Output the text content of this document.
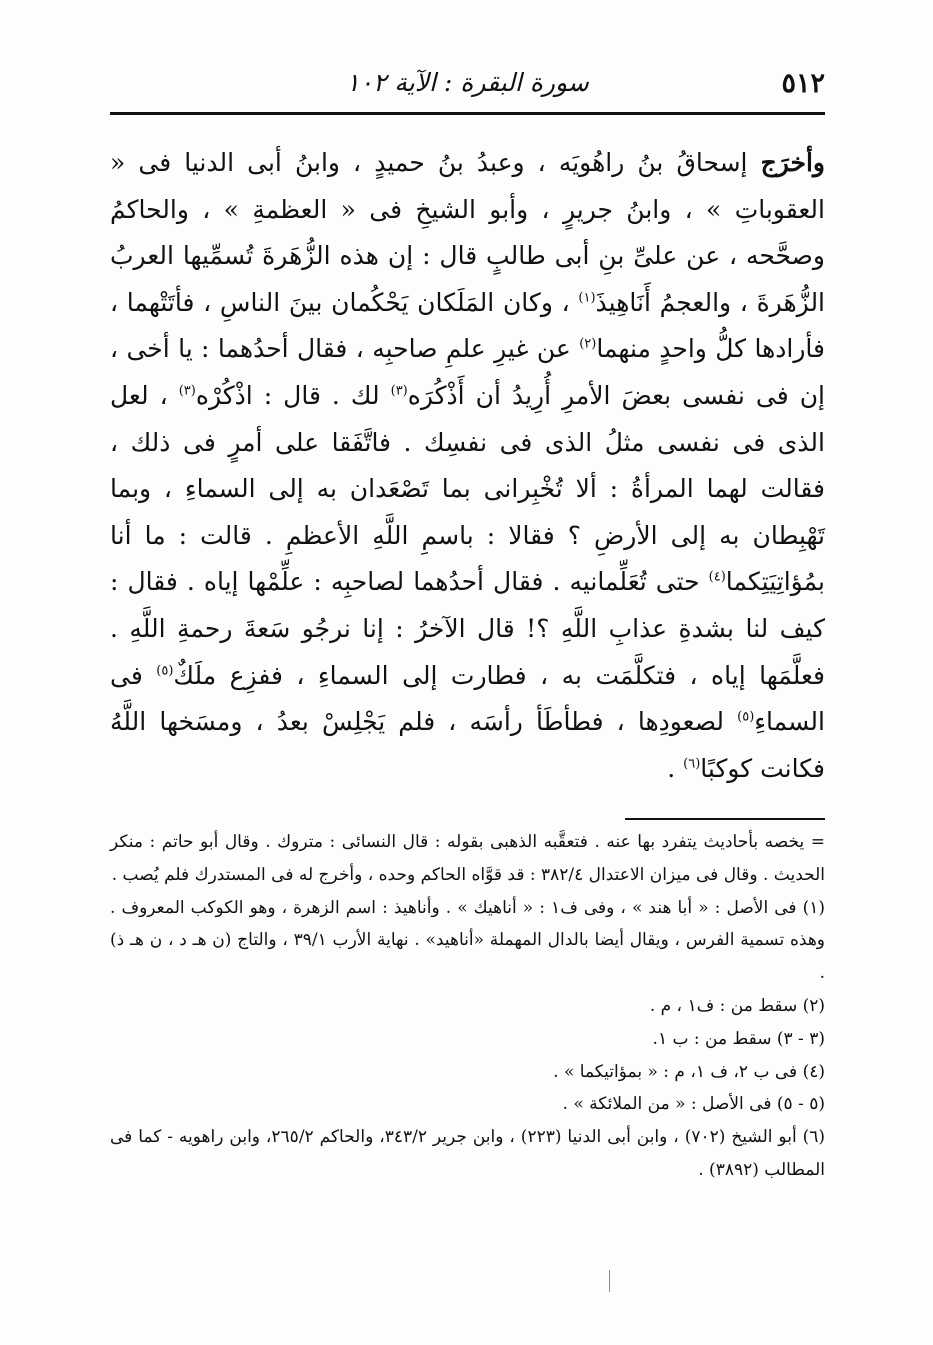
٥١٢
سورة البقرة : الآية ١٠٢
وأخرَج إسحاقُ بنُ راهُويَه ، وعبدُ بنُ حميدٍ ، وابنُ أبى الدنيا فى « العقوباتِ » ، وابنُ جريرٍ ، وأبو الشيخِ فى « العظمةِ » ، والحاكمُ وصحَّحه ، عن علىِّ بنِ أبى طالبٍ قال : إن هذه الزُّهَرةَ تُسمِّيها العربُ الزُّهَرةَ ، والعجمُ أَنَاهِيذَ$^{(١)}$ ، وكان المَلَكان يَحْكُمان بينَ الناسِ ، فأتَتْهما ، فأرادها كلُّ واحدٍ منهما$^{(٢)}$ عن غيرِ علمِ صاحبِه ، فقال أحدُهما : يا أخى ، إن فى نفسى بعضَ الأمرِ أُرِيدُ أن أَذْكُرَه$^{(٣)}$ لك . قال : اذْكُرْه$^{(٣)}$ ، لعل الذى فى نفسى مثلُ الذى فى نفسِك . فاتَّفَقا على أمرٍ فى ذلك ، فقالت لهما المرأةُ : ألا تُخْبِرانى بما تَصْعَدان به إلى السماءِ ، وبما تَهْبِطان به إلى الأرضِ ؟ فقالا : باسمِ اللَّهِ الأعظمِ . قالت : ما أنا بمُؤاتِيَتِكما$^{(٤)}$ حتى تُعَلِّمانيه . فقال أحدُهما لصاحبِه : علِّمْها إياه . فقال : كيف لنا بشدةِ عذابِ اللَّهِ ؟! قال الآخرُ : إنا نرجُو سَعةَ رحمةِ اللَّهِ . فعلَّمَها إياه ، فتكلَّمَت به ، فطارت إلى السماءِ ، ففزِع ملَكٌ$^{(٥)}$ فى السماءِ$^{(٥)}$ لصعودِها ، فطأطَأ رأسَه ، فلم يَجْلِسْ بعدُ ، ومسَخها اللَّهُ فكانت كوكبًا$^{(٦)}$ .

= يخصه بأحاديث يتفرد بها عنه . فتعقَّبه الذهبى بقوله : قال النسائى : متروك . وقال أبو حاتم : منكر الحديث . وقال فى ميزان الاعتدال ٣٨٢/٤ : قد قوَّاه الحاكم وحده ، وأخرج له فى المستدرك فلم يُصب .

(١) فى الأصل : « أبا هند » ، وفى ف١ : « أناهيك » . وأناهيذ : اسم الزهرة ، وهو الكوكب المعروف . وهذه تسمية الفرس ، ويقال أيضا بالدال المهملة «أناهيد» . نهاية الأرب ٣٩/١ ، والتاج (ن هـ د ، ن هـ ذ) .

(٢) سقط من : ف١ ، م .

(٣ - ٣) سقط من : ب ١.

(٤) فى ب ٢، ف ١، م : « بمؤاتيكما » .

(٥ - ٥) فى الأصل : « من الملائكة » .

(٦) أبو الشيخ (٧٠٢) ، وابن أبى الدنيا (٢٢٣) ، وابن جرير ٣٤٣/٢، والحاكم ٢٦٥/٢، وابن راهويه - كما فى المطالب (٣٨٩٢) .
